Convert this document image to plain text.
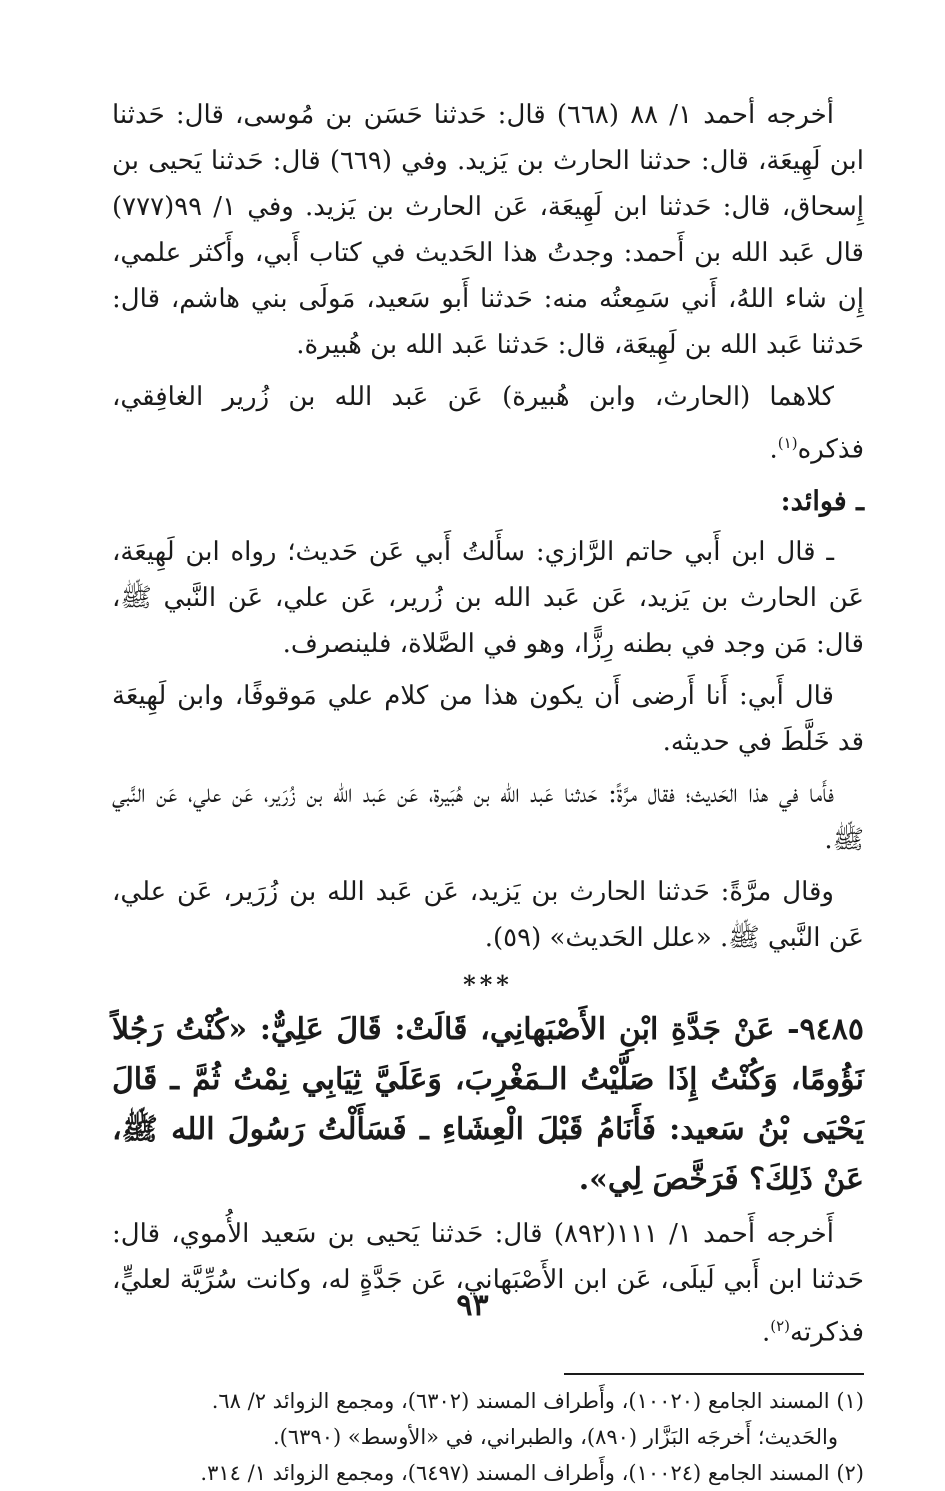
أخرجه أحمد ١/ ٨٨ (٦٦٨) قال: حَدثنا حَسَن بن مُوسى، قال: حَدثنا ابن لَهِيعَة، قال: حدثنا الحارث بن يَزيد. وفي (٦٦٩) قال: حَدثنا يَحيى بن إِسحاق، قال: حَدثنا ابن لَهِيعَة، عَن الحارث بن يَزيد. وفي ١/ ٩٩(٧٧٧) قال عَبد الله بن أَحمد: وجدتُ هذا الحَديث في كتاب أَبي، وأَكثر علمي، إِن شاء اللهُ، أَني سَمِعتُه منه: حَدثنا أَبو سَعيد، مَولَى بني هاشم، قال: حَدثنا عَبد الله بن لَهِيعَة، قال: حَدثنا عَبد الله بن هُبيرة.

كلاهما (الحارث، وابن هُبيرة) عَن عَبد الله بن زُرير الغافِقي، فذكره$^{(١)}$.

ـ فوائد:

ـ قال ابن أَبي حاتم الرَّازي: سأَلتُ أَبي عَن حَديث؛ رواه ابن لَهِيعَة، عَن الحارث بن يَزيد، عَن عَبد الله بن زُرير، عَن علي، عَن النَّبي ﷺ، قال: مَن وجد في بطنه رِزًّا، وهو في الصَّلاة، فلينصرف.

قال أَبي: أَنا أَرضى أَن يكون هذا من كلام علي مَوقوفًا، وابن لَهِيعَة قد خَلَّطَ في حديثه.

فأَما في هذا الحَديث؛ فقال مرَّةً: حَدثنا عَبد الله بن هُبَيرة، عَن عَبد الله بن زُرَير، عَن علي، عَن النَّبي ﷺ.

وقال مرَّةً: حَدثنا الحارث بن يَزيد، عَن عَبد الله بن زُرَير، عَن علي، عَن النَّبي ﷺ. «علل الحَديث» (٥٩).

***

٩٤٨٥- عَنْ جَدَّةِ ابْنِ الأَصْبَهانِي، قَالَتْ: قَالَ عَلِيٌّ: «كُنْتُ رَجُلاً نَؤُومًا، وَكُنْتُ إِذَا صَلَّيْتُ الـمَغْرِبَ، وَعَلَيَّ ثِيَابِي نِمْتُ ثُمَّ ـ قَالَ يَحْيَى بْنُ سَعيد: فَأَنَامُ قَبْلَ الْعِشَاءِ ـ فَسَأَلْتُ رَسُولَ الله ﷺ، عَنْ ذَلِكَ؟ فَرَخَّصَ لِي».

أَخرجه أَحمد ١/ ١١١(٨٩٢) قال: حَدثنا يَحيى بن سَعيد الأُموي، قال: حَدثنا ابن أَبي لَيلَى، عَن ابن الأَصْبَهاني، عَن جَدَّةٍ له، وكانت سُرِّيَّة لعليٍّ، فذكرته$^{(٢)}$.

(١) المسند الجامع (١٠٠٢٠)، وأَطراف المسند (٦٣٠٢)، ومجمع الزوائد ٢/ ٦٨.

والحَديث؛ أَخرجَه البَزَّار (٨٩٠)، والطبراني، في «الأوسط» (٦٣٩٠).

(٢) المسند الجامع (١٠٠٢٤)، وأَطراف المسند (٦٤٩٧)، ومجمع الزوائد ١/ ٣١٤.

٩٣
